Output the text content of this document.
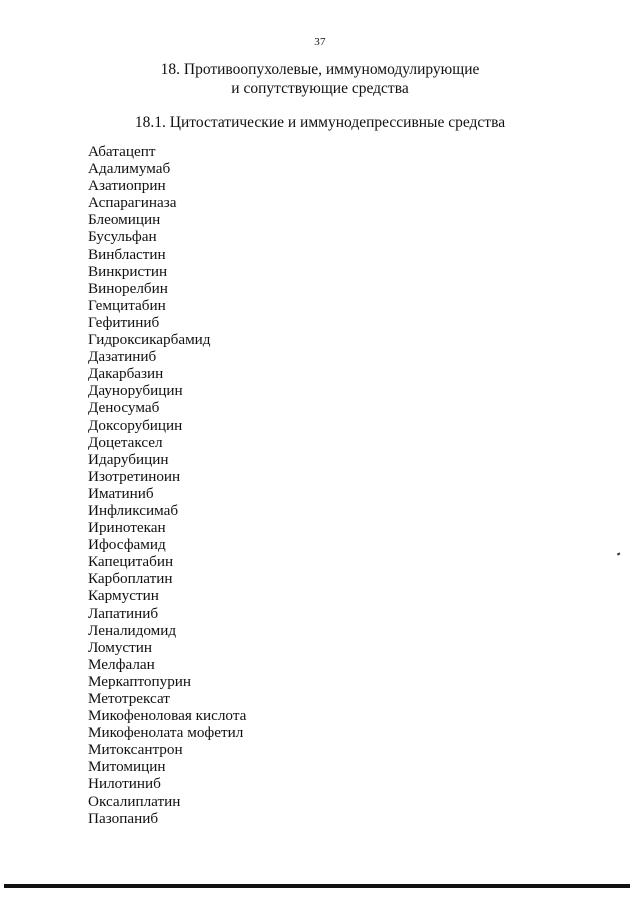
37
18. Противоопухолевые, иммуномодулирующие
и сопутствующие средства
18.1. Цитостатические и иммунодепрессивные средства
Абатацепт
Адалимумаб
Азатиоприн
Аспарагиназа
Блеомицин
Бусульфан
Винбластин
Винкристин
Винорелбин
Гемцитабин
Гефитиниб
Гидроксикарбамид
Дазатиниб
Дакарбазин
Даунорубицин
Деносумаб
Доксорубицин
Доцетаксел
Идарубицин
Изотретиноин
Иматиниб
Инфликсимаб
Иринотекан
Ифосфамид
Капецитабин
Карбоплатин
Кармустин
Лапатиниб
Леналидомид
Ломустин
Мелфалан
Меркаптопурин
Метотрексат
Микофеноловая кислота
Микофенолата мофетил
Митоксантрон
Митомицин
Нилотиниб
Оксалиплатин
Пазопаниб
